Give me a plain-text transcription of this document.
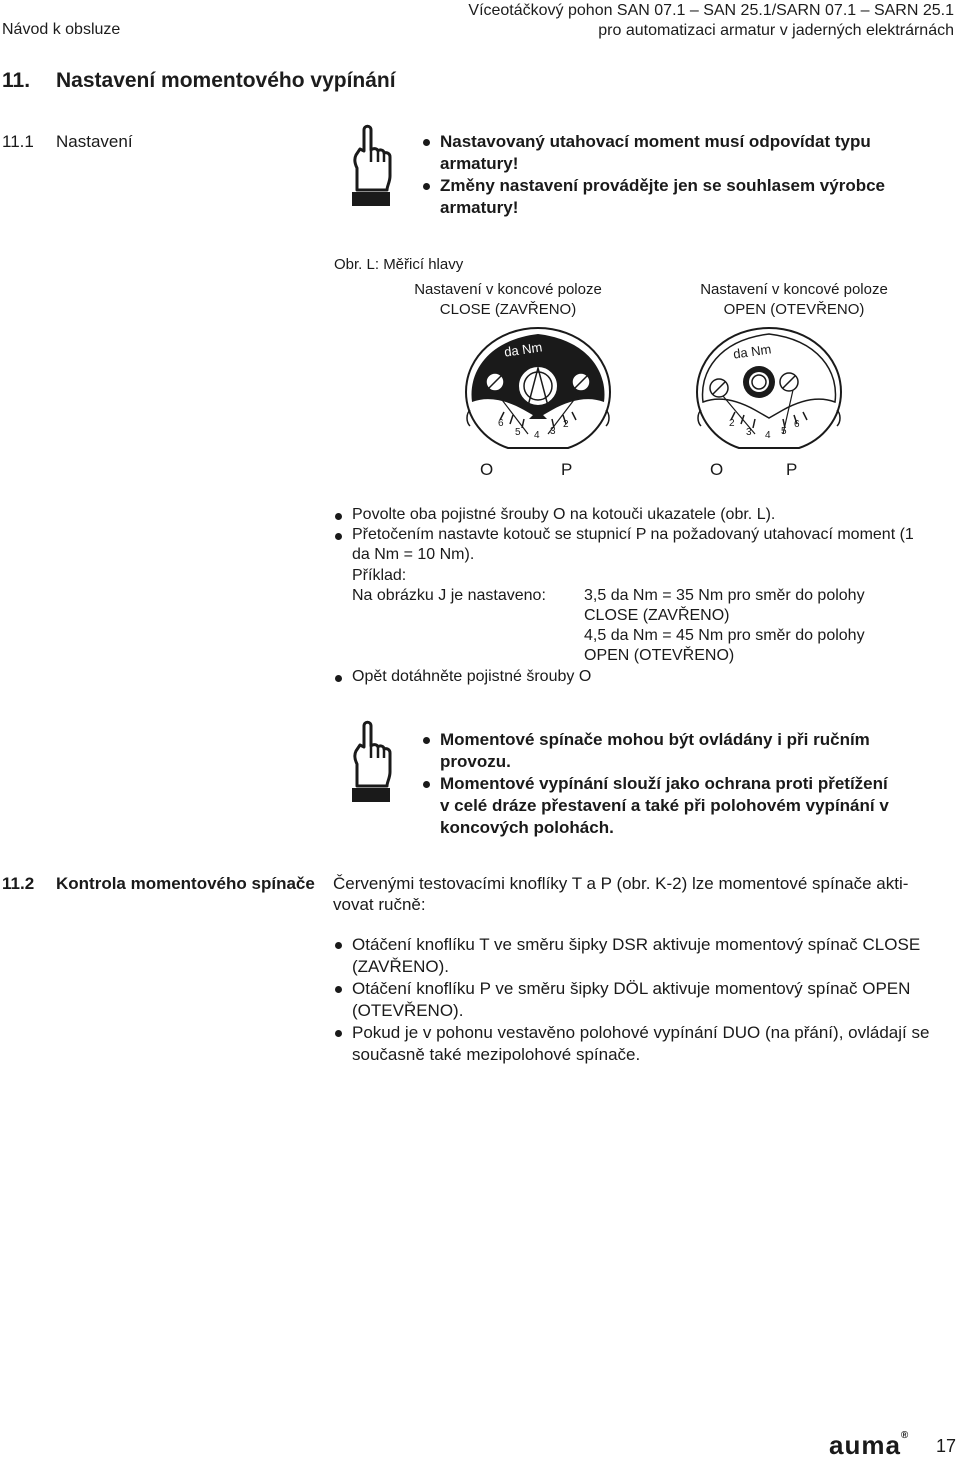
Návod k obsluze
Víceotáčkový pohon SAN 07.1 – SAN 25.1/SARN 07.1 – SARN 25.1
pro automatizaci armatur v jaderných elektrárnách
11. Nastavení momentového vypínání
11.1 Nastavení	Nastavovaný utahovací moment musí odpovídat typu armatury!
Změny nastavení provádějte jen se souhlasem výrobce armatury!
Obr. L: Měřicí hlavy
Nastavení v koncové poloze
CLOSE (ZAVŘENO)
Nastavení v koncové poloze
OPEN (OTEVŘENO)
da Nm
6
5 4 3
2
da Nm
2
3 4 5
6
O	P	O	P
Povolte oba pojistné šrouby O na kotouči ukazatele (obr. L).
Přetočením nastavte kotouč se stupnicí P na požadovaný utahovací moment (1 da Nm = 10 Nm).
Příklad:
Na obrázku J je nastaveno: 3,5 da Nm = 35 Nm pro směr do polohy
CLOSE (ZAVŘENO)
4,5 da Nm = 45 Nm pro směr do polohy
OPEN (OTEVŘENO)
Opět dotáhněte pojistné šrouby O
Momentové spínače mohou být ovládány i při ručním provozu.
Momentové vypínání slouží jako ochrana proti přetížení v celé dráze přestavení a také při polohovém vypínání v koncových polohách.
11.2 Kontrola momentového spínače Červenými testovacími knoflíky T a P (obr. K-2) lze momentové spínače akti-
vovat ručně:
Otáčení knoflíku T ve směru šipky DSR aktivuje momentový spínač CLOSE (ZAVŘENO).
Otáčení knoflíku P ve směru šipky DÖL aktivuje momentový spínač OPEN (OTEVŘENO).
Pokud je v pohonu vestavěno polohové vypínání DUO (na přání), ovládají se současně také mezipolohové spínače.
auma®
17
